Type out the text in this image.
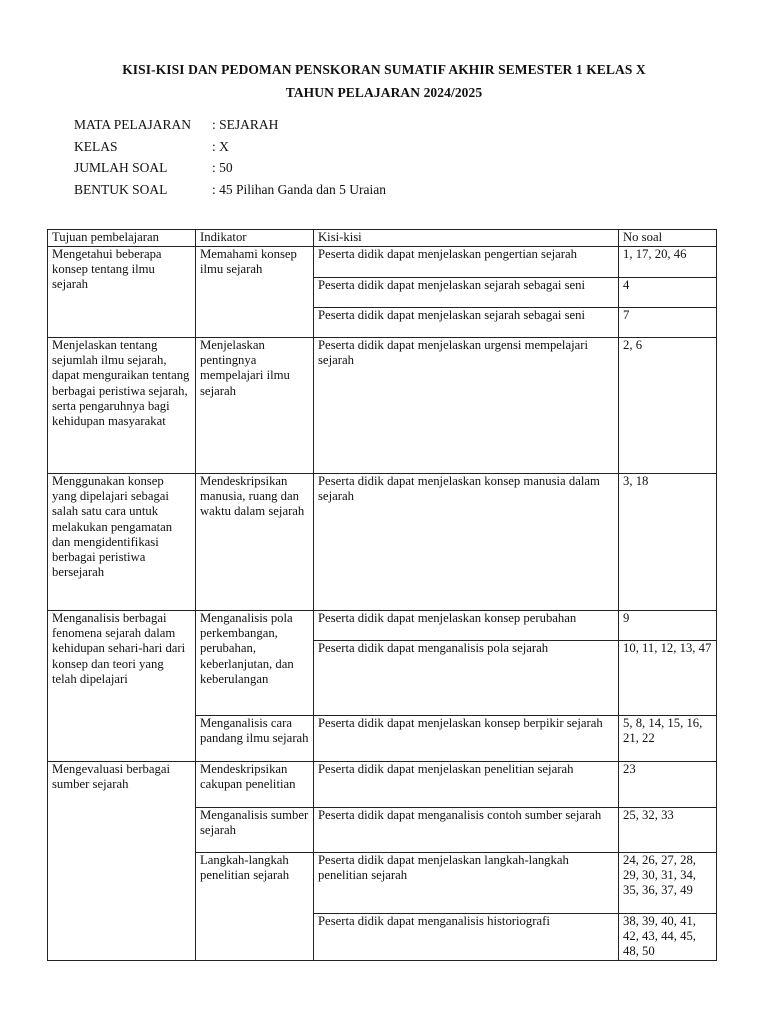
KISI-KISI DAN PEDOMAN PENSKORAN SUMATIF AKHIR SEMESTER 1 KELAS X
TAHUN PELAJARAN 2024/2025
MATA PELAJARAN	: SEJARAH
KELAS	: X
JUMLAH SOAL	: 50
BENTUK SOAL	: 45 Pilihan Ganda dan 5 Uraian
Tujuan pembelajaran	Indikator	Kisi-kisi	No soal
Mengetahui beberapa konsep tentang ilmu sejarah	Memahami konsep ilmu sejarah	Peserta didik dapat menjelaskan pengertian sejarah	1, 17, 20, 46
		Peserta didik dapat menjelaskan sejarah sebagai seni	4
		Peserta didik dapat menjelaskan sejarah sebagai seni	7
Menjelaskan tentang sejumlah ilmu sejarah, dapat menguraikan tentang berbagai peristiwa sejarah, serta pengaruhnya bagi kehidupan masyarakat	Menjelaskan pentingnya mempelajari ilmu sejarah	Peserta didik dapat menjelaskan urgensi mempelajari sejarah	2, 6
Menggunakan konsep yang dipelajari sebagai salah satu cara untuk melakukan pengamatan dan mengidentifikasi berbagai peristiwa bersejarah	Mendeskripsikan manusia, ruang dan waktu dalam sejarah	Peserta didik dapat menjelaskan konsep manusia dalam sejarah	3, 18
Menganalisis berbagai fenomena sejarah dalam kehidupan sehari-hari dari konsep dan teori yang telah dipelajari	Menganalisis pola perkembangan, perubahan, keberlanjutan, dan keberulangan	Peserta didik dapat menjelaskan konsep perubahan	9
		Peserta didik dapat menganalisis pola sejarah	10, 11, 12, 13, 47
	Menganalisis cara pandang ilmu sejarah	Peserta didik dapat menjelaskan konsep berpikir sejarah	5, 8, 14, 15, 16, 21, 22
Mengevaluasi berbagai sumber sejarah	Mendeskripsikan cakupan penelitian	Peserta didik dapat menjelaskan penelitian sejarah	23
	Menganalisis sumber sejarah	Peserta didik dapat menganalisis contoh sumber sejarah	25, 32, 33
	Langkah-langkah penelitian sejarah	Peserta didik dapat menjelaskan langkah-langkah penelitian sejarah	24, 26, 27, 28, 29, 30, 31, 34, 35, 36, 37, 49
		Peserta didik dapat menganalisis historiografi	38, 39, 40, 41, 42, 43, 44, 45, 48, 50
